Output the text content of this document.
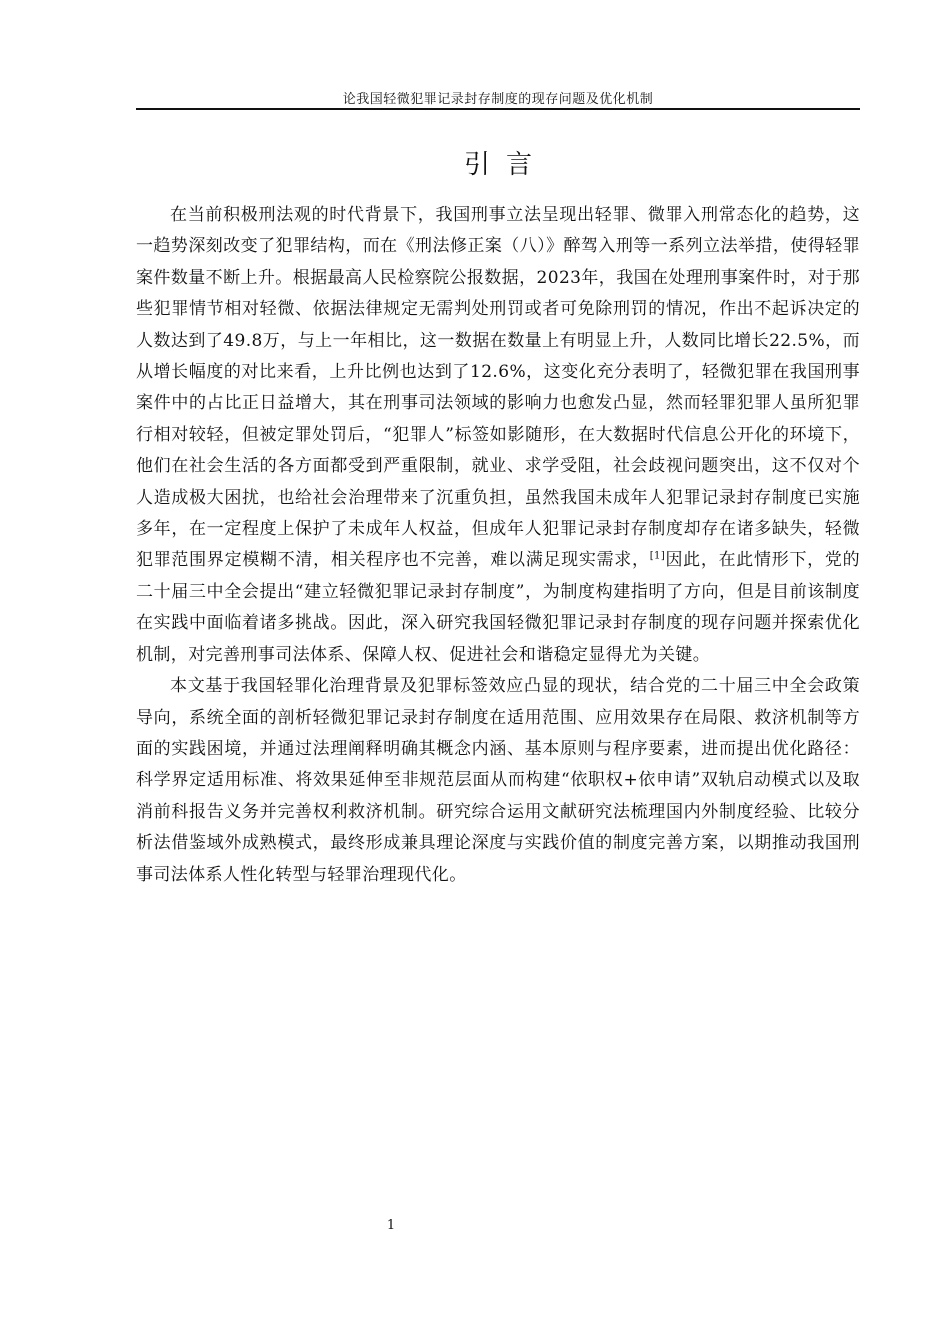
论我国轻微犯罪记录封存制度的现存问题及优化机制
引言

在当前积极刑法观的时代背景下，我国刑事立法呈现出轻罪、微罪入刑常态化的趋势，这一趋势深刻改变了犯罪结构，而在《刑法修正案（八）》醉驾入刑等一系列立法举措，使得轻罪案件数量不断上升。根据最高人民检察院公报数据，2023年，我国在处理刑事案件时，对于那些犯罪情节相对轻微、依据法律规定无需判处刑罚或者可免除刑罚的情况，作出不起诉决定的人数达到了49.8万，与上一年相比，这一数据在数量上有明显上升，人数同比增长22.5%，而从增长幅度的对比来看，上升比例也达到了12.6%，这变化充分表明了，轻微犯罪在我国刑事案件中的占比正日益增大，其在刑事司法领域的影响力也愈发凸显，然而轻罪犯罪人虽所犯罪行相对较轻，但被定罪处罚后，“犯罪人”标签如影随形，在大数据时代信息公开化的环境下，他们在社会生活的各方面都受到严重限制，就业、求学受阻，社会歧视问题突出，这不仅对个人造成极大困扰，也给社会治理带来了沉重负担，虽然我国未成年人犯罪记录封存制度已实施多年，在一定程度上保护了未成年人权益，但成年人犯罪记录封存制度却存在诸多缺失，轻微犯罪范围界定模糊不清，相关程序也不完善，难以满足现实需求，[1]因此，在此情形下，党的二十届三中全会提出“建立轻微犯罪记录封存制度”，为制度构建指明了方向，但是目前该制度在实践中面临着诸多挑战。因此，深入研究我国轻微犯罪记录封存制度的现存问题并探索优化机制，对完善刑事司法体系、保障人权、促进社会和谐稳定显得尤为关键。

本文基于我国轻罪化治理背景及犯罪标签效应凸显的现状，结合党的二十届三中全会政策导向，系统全面的剖析轻微犯罪记录封存制度在适用范围、应用效果存在局限、救济机制等方面的实践困境，并通过法理阐释明确其概念内涵、基本原则与程序要素，进而提出优化路径：科学界定适用标准、将效果延伸至非规范层面从而构建“依职权+依申请”双轨启动模式以及取消前科报告义务并完善权利救济机制。研究综合运用文献研究法梳理国内外制度经验、比较分析法借鉴域外成熟模式，最终形成兼具理论深度与实践价值的制度完善方案，以期推动我国刑事司法体系人性化转型与轻罪治理现代化。

1
